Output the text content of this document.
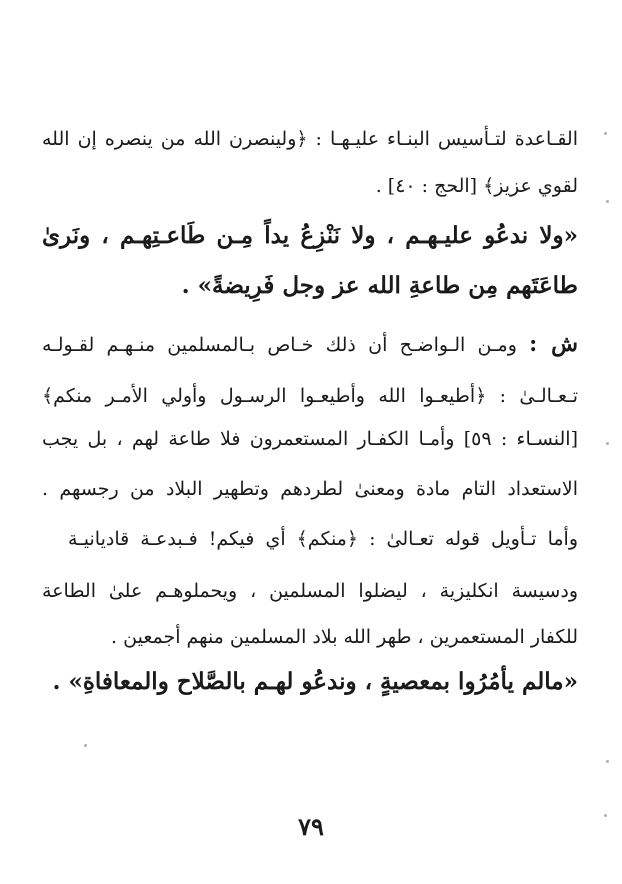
القـاعدة لتـأسيس البنـاء عليـهـا : ﴿ولينصرن الله من ينصره إن الله
لقوي عزيز﴾ [الحج : ٤٠] .
«ولا ندعُو عليـهـم ، ولا نَنْزِعُ يداً مِـن طَاعـتِهـم ، ونَرىٰ
طاعَتَهم مِن طاعةِ الله عز وجل فَرِيضةً» .
ش : ومـن الـواضـح أن ذلك خـاص بـالمسلمين منـهـم لقـولـه
تـعـالـىٰ : ﴿أطيعـوا الله وأطيعـوا الرسـول وأولي الأمـر منكم﴾
[النسـاء : ٥٩] وأمـا الكفـار المستعمرون فلا طاعة لهم ، بل يجب
الاستعداد التام مادة ومعنىٰ لطردهم وتطهير البلاد من رجسهم .
وأما تـأويل قوله تعـالىٰ : ﴿منكم﴾ أي فيكم! فـبدعـة قاديانيـة
ودسيسة انكليزية ، ليضلوا المسلمين ، ويحملوهـم علىٰ الطاعة
للكفار المستعمرين ، طهر الله بلاد المسلمين منهم أجمعين .
«مالم يأمُرُوا بمعصيةٍ ، وندعُو لهـم بالصَّلاح والمعافاةِ» .
٧٩
